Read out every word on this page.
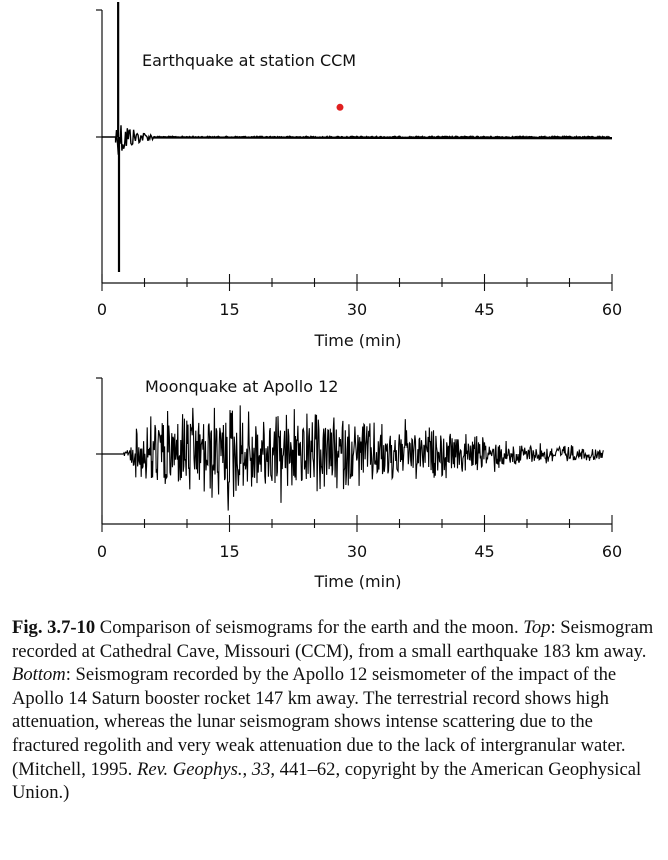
Earthquake at station CCM
0	15	30	45	60
Time (min)
Moonquake at Apollo 12
0	15	30	45	60
Time (min)
Fig. 3.7-10 Comparison of seismograms for the earth and the moon. Top: Seismogram recorded at Cathedral Cave, Missouri (CCM), from a small earthquake 183 km away. Bottom: Seismogram recorded by the Apollo 12 seismometer of the impact of the Apollo 14 Saturn booster rocket 147 km away. The terrestrial record shows high attenuation, whereas the lunar seismogram shows intense scattering due to the fractured regolith and very weak attenuation due to the lack of intergranular water. (Mitchell, 1995. Rev. Geophys., 33, 441–62, copyright by the American Geophysical Union.)
